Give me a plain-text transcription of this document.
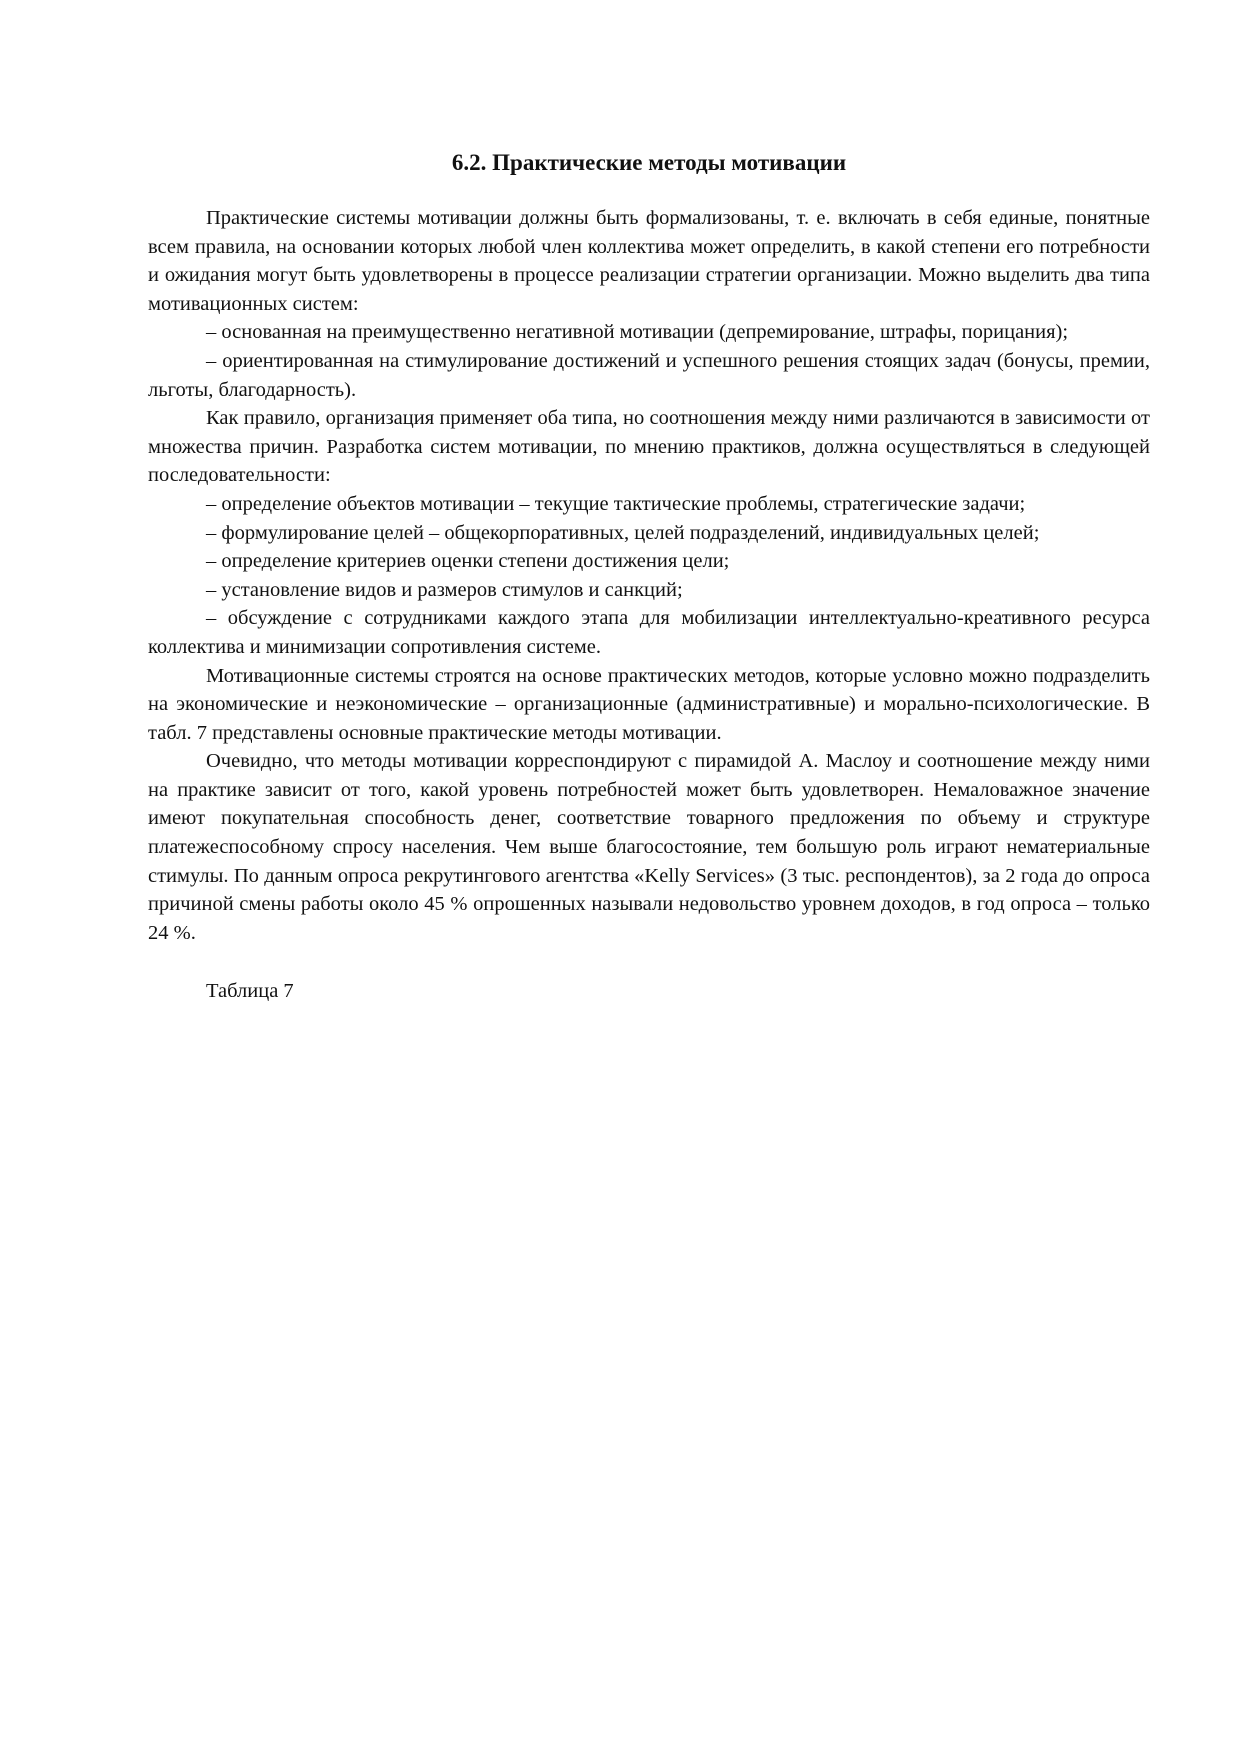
6.2. Практические методы мотивации

Практические системы мотивации должны быть формализованы, т. е. включать в себя единые, понятные всем правила, на основании которых любой член коллектива может определить, в какой степени его потребности и ожидания могут быть удовлетворены в процессе реализации стратегии организации. Можно выделить два типа мотивационных систем:

– основанная на преимущественно негативной мотивации (депремирование, штрафы, порицания);

– ориентированная на стимулирование достижений и успешного решения стоящих задач (бонусы, премии, льготы, благодарность).

Как правило, организация применяет оба типа, но соотношения между ними различаются в зависимости от множества причин. Разработка систем мотивации, по мнению практиков, должна осуществляться в следующей последовательности:

– определение объектов мотивации – текущие тактические проблемы, стратегические задачи;

– формулирование целей – общекорпоративных, целей подразделений, индивидуальных целей;

– определение критериев оценки степени достижения цели;

– установление видов и размеров стимулов и санкций;

– обсуждение с сотрудниками каждого этапа для мобилизации интеллектуально-креативного ресурса коллектива и минимизации сопротивления системе.

Мотивационные системы строятся на основе практических методов, которые условно можно подразделить на экономические и неэкономические – организационные (административные) и морально-психологические. В табл. 7 представлены основные практические методы мотивации.

Очевидно, что методы мотивации корреспондируют с пирамидой А. Маслоу и соотношение между ними на практике зависит от того, какой уровень потребностей может быть удовлетворен. Немаловажное значение имеют покупательная способность денег, соответствие товарного предложения по объему и структуре платежеспособному спросу населения. Чем выше благосостояние, тем большую роль играют нематериальные стимулы. По данным опроса рекрутингового агентства «Kelly Services» (3 тыс. респондентов), за 2 года до опроса причиной смены работы около 45 % опрошенных называли недовольство уровнем доходов, в год опроса – только 24 %.

Таблица 7
